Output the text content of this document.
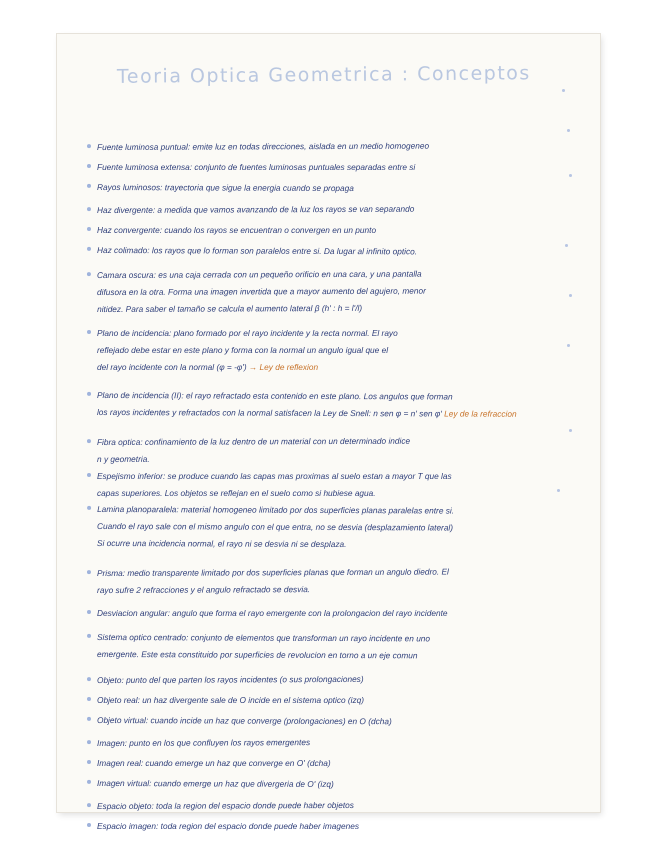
Teoria Optica Geometrica : Conceptos
Fuente luminosa puntual: emite luz en todas direcciones, aislada en un medio homogeneo
Fuente luminosa extensa: conjunto de fuentes luminosas puntuales separadas entre si
Rayos luminosos: trayectoria que sigue la energia cuando se propaga
Haz divergente: a medida que vamos avanzando de la luz los rayos se van separando
Haz convergente: cuando los rayos se encuentran o convergen en un punto
Haz colimado: los rayos que lo forman son paralelos entre si. Da lugar al infinito optico.
Camara oscura: es una caja cerrada con un pequeño orificio en una cara, y una pantalla
difusora en la otra. Forma una imagen invertida que a mayor aumento del agujero, menor
nitidez. Para saber el tamaño se calcula el aumento lateral β (h' : h = l'/l)
Plano de incidencia: plano formado por el rayo incidente y la recta normal. El rayo
reflejado debe estar en este plano y forma con la normal un angulo igual que el
del rayo incidente con la normal (φ = -φ') → Ley de reflexion
Plano de incidencia (II): el rayo refractado esta contenido en este plano. Los angulos que forman
los rayos incidentes y refractados con la normal satisfacen la Ley de Snell: n sen φ = n' sen φ' Ley de la refraccion
Fibra optica: confinamiento de la luz dentro de un material con un determinado indice
n y geometria.
Espejismo inferior: se produce cuando las capas mas proximas al suelo estan a mayor T que las
capas superiores. Los objetos se reflejan en el suelo como si hubiese agua.
Lamina planoparalela: material homogeneo limitado por dos superficies planas paralelas entre si.
Cuando el rayo sale con el mismo angulo con el que entra, no se desvia (desplazamiento lateral)
Si ocurre una incidencia normal, el rayo ni se desvia ni se desplaza.
Prisma: medio transparente limitado por dos superficies planas que forman un angulo diedro. El
rayo sufre 2 refracciones y el angulo refractado se desvia.
Desviacion angular: angulo que forma el rayo emergente con la prolongacion del rayo incidente
Sistema optico centrado: conjunto de elementos que transforman un rayo incidente en uno
emergente. Este esta constituido por superficies de revolucion en torno a un eje comun
Objeto: punto del que parten los rayos incidentes (o sus prolongaciones)
Objeto real: un haz divergente sale de O incide en el sistema optico (izq)
Objeto virtual: cuando incide un haz que converge (prolongaciones) en O (dcha)
Imagen: punto en los que confluyen los rayos emergentes
Imagen real: cuando emerge un haz que converge en O' (dcha)
Imagen virtual: cuando emerge un haz que divergeria de O' (izq)
Espacio objeto: toda la region del espacio donde puede haber objetos
Espacio imagen: toda region del espacio donde puede haber imagenes
